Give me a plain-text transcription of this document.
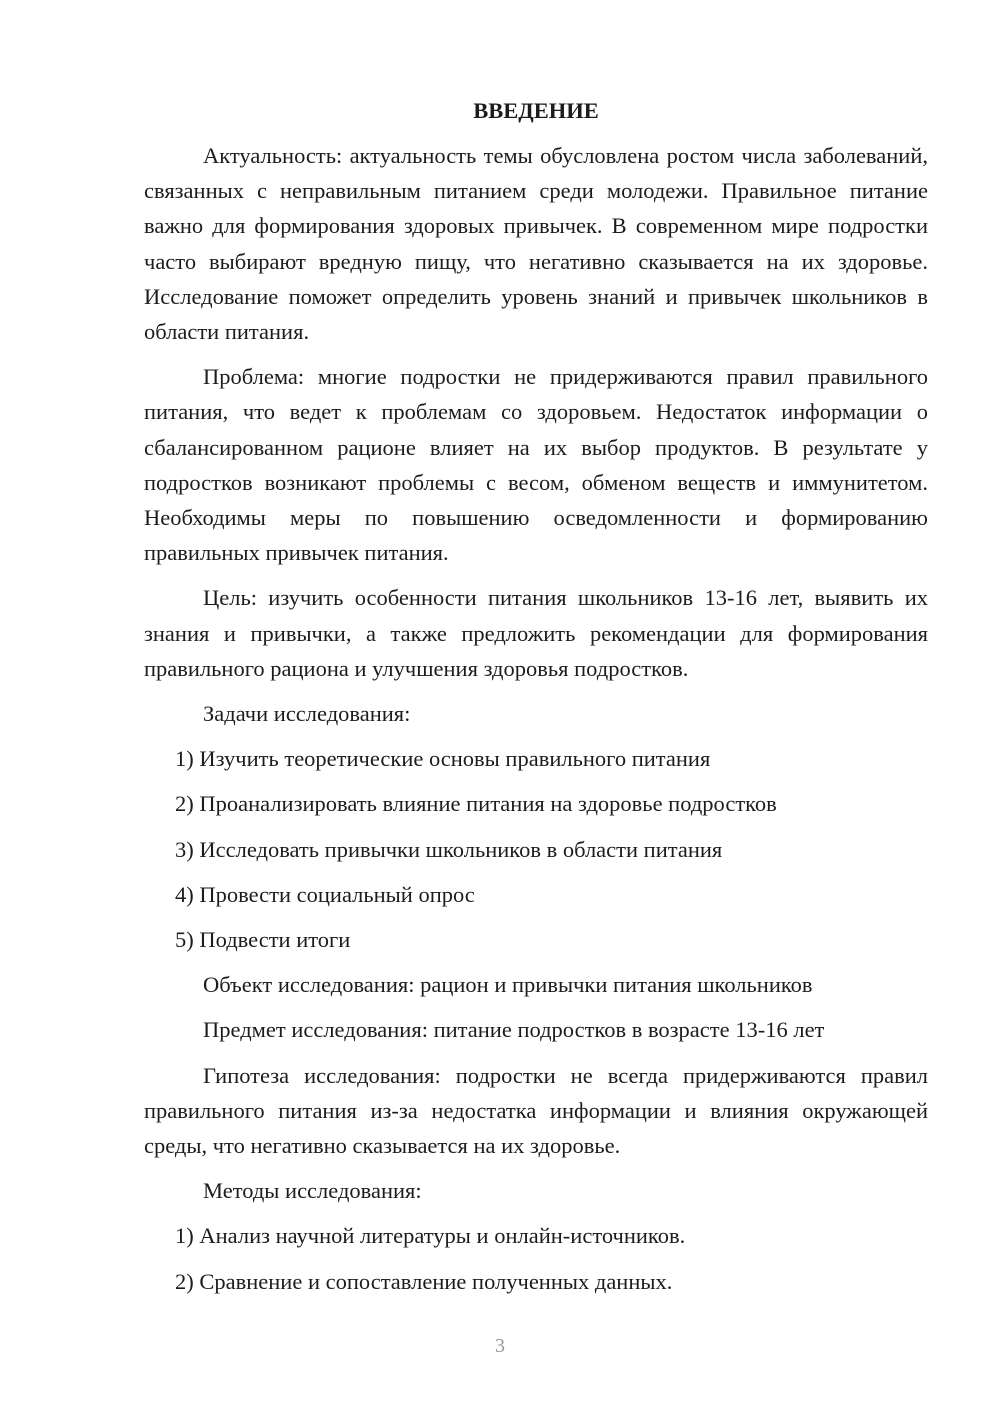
ВВЕДЕНИЕ
Актуальность: актуальность темы обусловлена ростом числа заболеваний, связанных с неправильным питанием среди молодежи. Правильное питание важно для формирования здоровых привычек. В современном мире подростки часто выбирают вредную пищу, что негативно сказывается на их здоровье. Исследование поможет определить уровень знаний и привычек школьников в области питания.
Проблема: многие подростки не придерживаются правил правильного питания, что ведет к проблемам со здоровьем. Недостаток информации о сбалансированном рационе влияет на их выбор продуктов. В результате у подростков возникают проблемы с весом, обменом веществ и иммунитетом. Необходимы меры по повышению осведомленности и формированию правильных привычек питания.
Цель: изучить особенности питания школьников 13-16 лет, выявить их знания и привычки, а также предложить рекомендации для формирования правильного рациона и улучшения здоровья подростков.
Задачи исследования:
1) Изучить теоретические основы правильного питания
2) Проанализировать влияние питания на здоровье подростков
3) Исследовать привычки школьников в области питания
4) Провести социальный опрос
5) Подвести итоги
Объект исследования: рацион и привычки питания школьников
Предмет исследования: питание подростков в возрасте 13-16 лет
Гипотеза исследования: подростки не всегда придерживаются правил правильного питания из-за недостатка информации и влияния окружающей среды, что негативно сказывается на их здоровье.
Методы исследования:
1) Анализ научной литературы и онлайн-источников.
2) Сравнение и сопоставление полученных данных.
3
